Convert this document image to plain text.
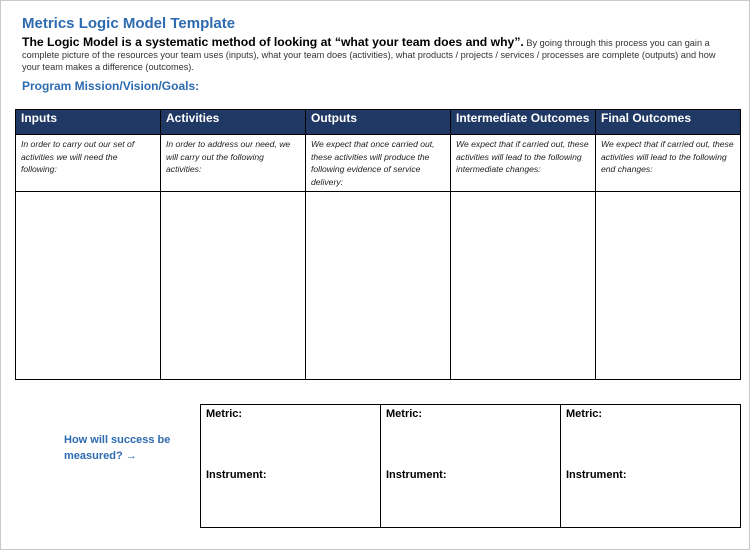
Metrics Logic Model Template
The Logic Model is a systematic method of looking at “what your team does and why”. By going through this process you can gain a complete picture of the resources your team uses (inputs), what your team does (activities), what products / projects / services / processes are complete (outputs) and how your team makes a difference (outcomes).
Program Mission/Vision/Goals:
Inputs	Activities	Outputs	Intermediate Outcomes	Final Outcomes
In order to carry out our set of activities we will need the following:	In order to address our need, we will carry out the following activities:	We expect that once carried out, these activities will produce the following evidence of service delivery:	We expect that if carried out, these activities will lead to the following intermediate changes:	We expect that if carried out, these activities will lead to the following end changes:

How will success be measured? →
Metric:
Instrument:

Metric:
Instrument:

Metric:
Instrument:
